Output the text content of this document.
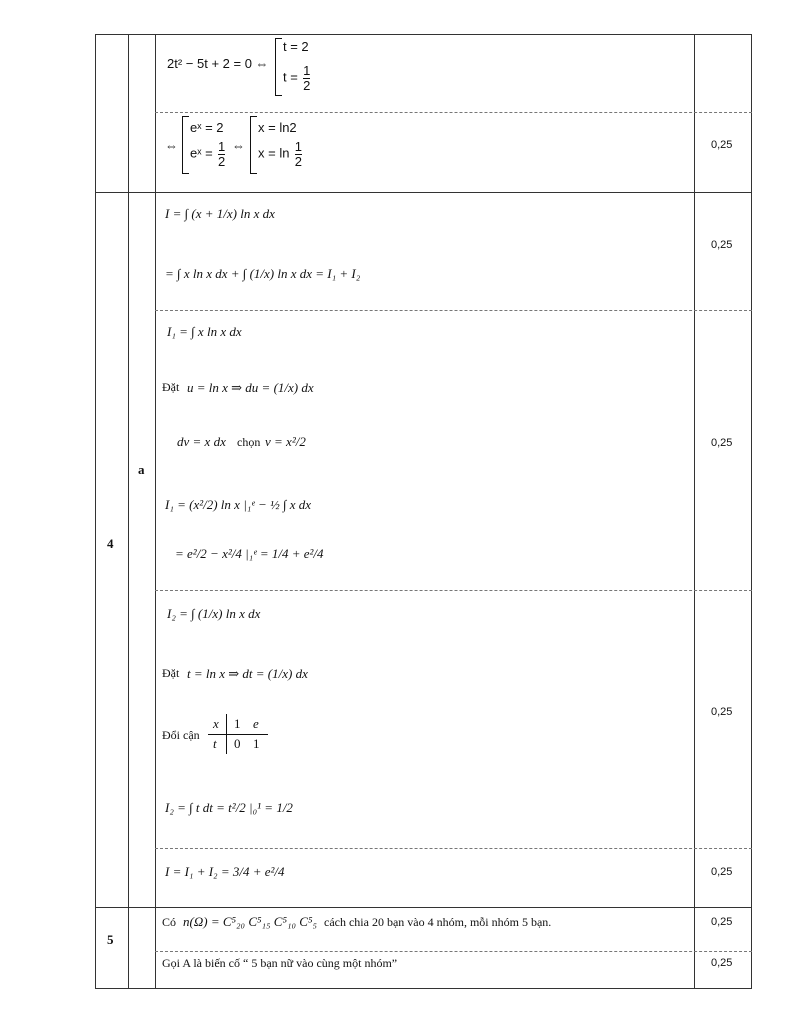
4
a
5
0,25
0,25
0,25
0,25
0,25
0,25
0,25
2t² − 5t + 2 = 0 ⇔
t = 2
$t = \frac{1}{2}$
⇔
eˣ = 2
eˣ = $\frac{1}{2}$ ⇔
x = ln2
$x = \ln \frac{1}{2}$
I = ∫ (x + 1/x) ln x dx
= ∫ x ln x dx + ∫ (1/x) ln x dx = I₁ + I₂
I₁ = ∫ x ln x dx
Đặt u = ln x ⇒ du = (1/x) dx
dv = x dx chọn v = x²/2
I₁ = (x²/2) ln x |₁ᵉ − ½ ∫ x dx
= e²/2 − x²/4 |₁ᵉ = 1/4 + e²/4
I₂ = ∫ (1/x) ln x dx
Đặt t = ln x ⇒ dt = (1/x) dx
Đổi cận
x 1 e
t 0 1
I₂ = ∫ t dt = t²/2 |₀¹ = 1/2
I = I₁ + I₂ = 3/4 + e²/4
Có n(Ω) = C⁵₂₀ C⁵₁₅ C⁵₁₀ C⁵₅ cách chia 20 bạn vào 4 nhóm, mỗi nhóm 5 bạn.
Gọi A là biến cố “ 5 bạn nữ vào cùng một nhóm”
